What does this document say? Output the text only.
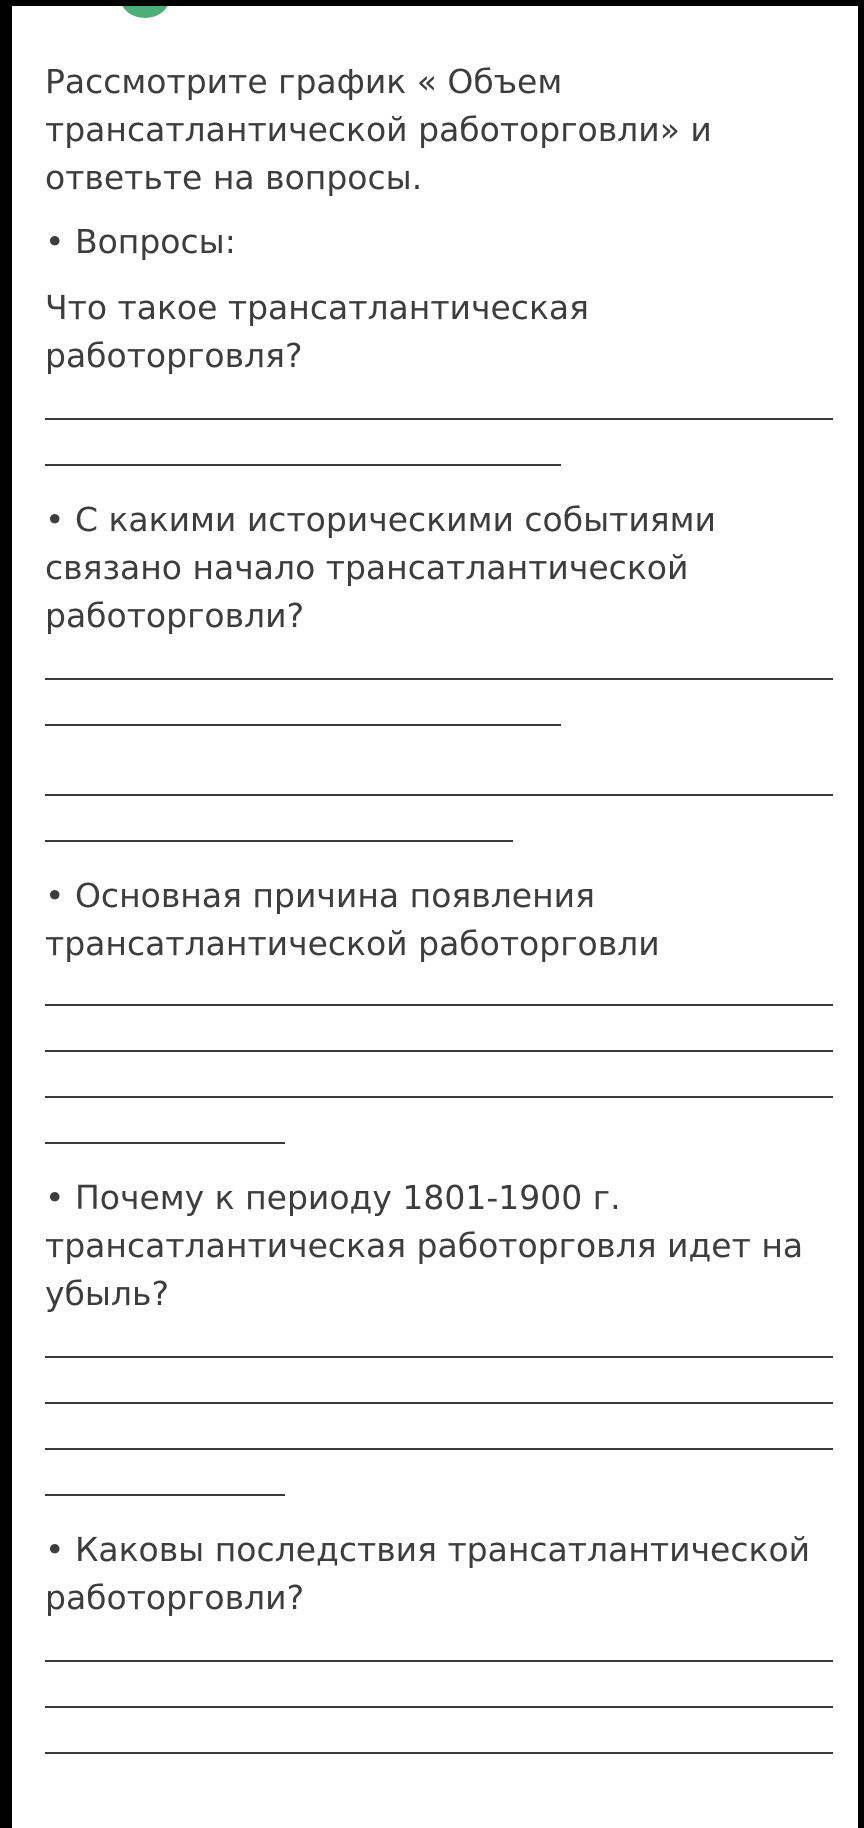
Рассмотрите график « Объем трансатлантической работорговли» и ответьте на вопросы.

• Вопросы:

Что такое трансатлантическая работорговля?

• С какими историческими событиями связано начало трансатлантической работорговли?

• Основная причина появления трансатлантической работорговли

• Почему к периоду 1801-1900 г. трансатлантическая работорговля идет на убыль?

• Каковы последствия трансатлантической работорговли?
